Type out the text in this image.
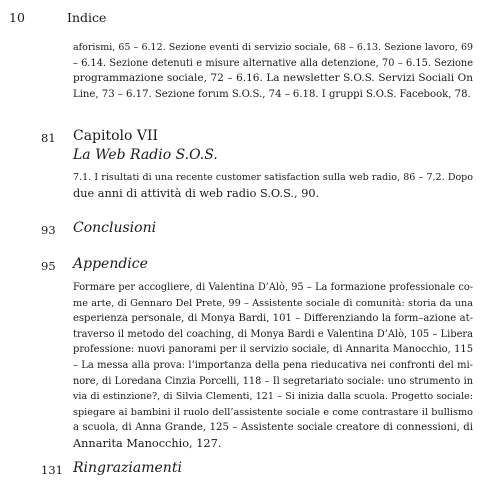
10	Indice
aforismi, 65 – 6.12. Sezione eventi di servizio sociale, 68 – 6.13. Sezione lavoro, 69
– 6.14. Sezione detenuti e misure alternative alla detenzione, 70 – 6.15. Sezione
programmazione sociale, 72 – 6.16. La newsletter S.O.S. Servizi Sociali On
Line, 73 – 6.17. Sezione forum S.O.S., 74 – 6.18. I gruppi S.O.S. Facebook, 78.
81 Capitolo VII
La Web Radio S.O.S.
7.1. I risultati di una recente customer satisfaction sulla web radio, 86 – 7.2. Dopo
due anni di attività di web radio S.O.S., 90.
93 Conclusioni
95 Appendice
Formare per accogliere, di Valentina D’Alò, 95 – La formazione professionale co-
me arte, di Gennaro Del Prete, 99 – Assistente sociale di comunità: storia da una
esperienza personale, di Monya Bardi, 101 – Differenziando la form–azione at-
traverso il metodo del coaching, di Monya Bardi e Valentina D’Alò, 105 – Libera
professione: nuovi panorami per il servizio sociale, di Annarita Manocchio, 115
– La messa alla prova: l’importanza della pena rieducativa nei confronti del mi-
nore, di Loredana Cinzia Porcelli, 118 – Il segretariato sociale: uno strumento in
via di estinzione?, di Silvia Clementi, 121 – Si inizia dalla scuola. Progetto sociale:
spiegare ai bambini il ruolo dell’assistente sociale e come contrastare il bullismo
a scuola, di Anna Grande, 125 – Assistente sociale creatore di connessioni, di
Annarita Manocchio, 127.
131 Ringraziamenti
